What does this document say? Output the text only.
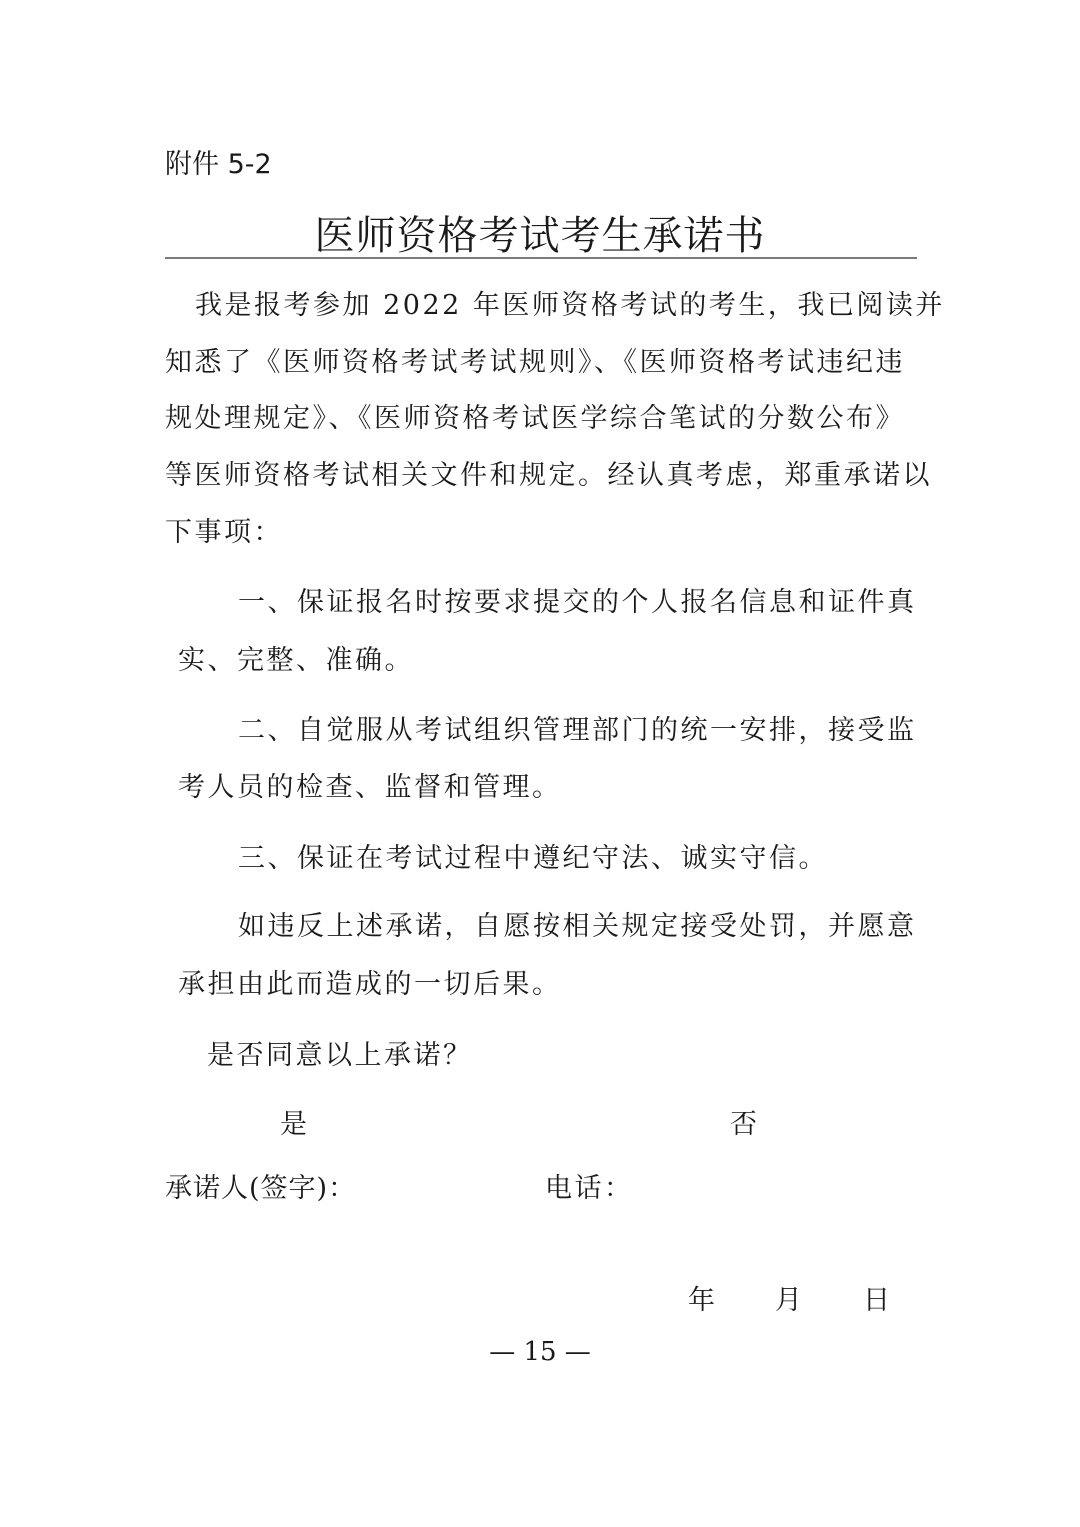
附件 5-2
医师资格考试考生承诺书
我是报考参加 2022 年医师资格考试的考生，我已阅读并
知悉了《医师资格考试考试规则》、《医师资格考试违纪违
规处理规定》、《医师资格考试医学综合笔试的分数公布》
等医师资格考试相关文件和规定。经认真考虑，郑重承诺以
下事项：
一、保证报名时按要求提交的个人报名信息和证件真
实、完整、准确。
二、自觉服从考试组织管理部门的统一安排，接受监
考人员的检查、监督和管理。
三、保证在考试过程中遵纪守法、诚实守信。
如违反上述承诺，自愿按相关规定接受处罚，并愿意
承担由此而造成的一切后果。
是否同意以上承诺？
是	否
承诺人(签字)：	电话：
年 月 日
— 15 —
